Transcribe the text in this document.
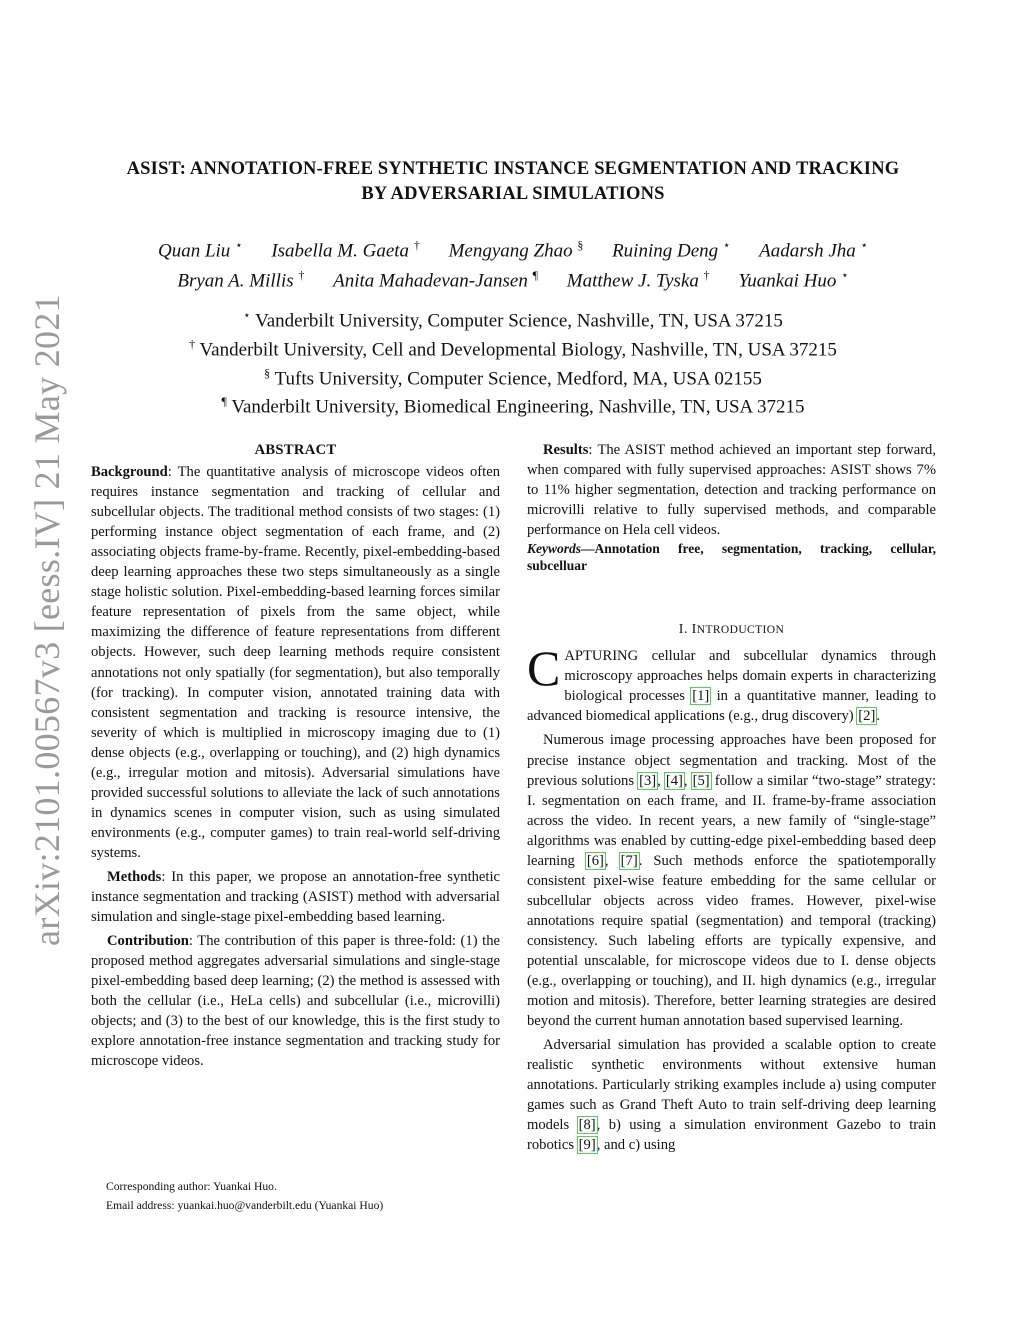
arXiv:2101.00567v3 [eess.IV] 21 May 2021
ASIST: ANNOTATION-FREE SYNTHETIC INSTANCE SEGMENTATION AND TRACKING
BY ADVERSARIAL SIMULATIONS
Quan Liu ⋆ Isabella M. Gaeta † Mengyang Zhao § Ruining Deng ⋆ Aadarsh Jha ⋆
Bryan A. Millis † Anita Mahadevan-Jansen ¶ Matthew J. Tyska † Yuankai Huo ⋆
⋆ Vanderbilt University, Computer Science, Nashville, TN, USA 37215
† Vanderbilt University, Cell and Developmental Biology, Nashville, TN, USA 37215
§ Tufts University, Computer Science, Medford, MA, USA 02155
¶ Vanderbilt University, Biomedical Engineering, Nashville, TN, USA 37215
ABSTRACT

Background: The quantitative analysis of microscope videos often requires instance segmentation and tracking of cellular and subcellular objects. The traditional method consists of two stages: (1) performing instance object segmentation of each frame, and (2) associating objects frame-by-frame. Recently, pixel-embedding-based deep learning approaches these two steps simultaneously as a single stage holistic solution. Pixel-embedding-based learning forces similar feature representation of pixels from the same object, while maximizing the difference of feature representations from different objects. However, such deep learning methods require consistent annotations not only spatially (for segmentation), but also temporally (for tracking). In computer vision, annotated training data with consistent segmentation and tracking is resource intensive, the severity of which is multiplied in microscopy imaging due to (1) dense objects (e.g., overlapping or touching), and (2) high dynamics (e.g., irregular motion and mitosis). Adversarial simulations have provided successful solutions to alleviate the lack of such annotations in dynamics scenes in computer vision, such as using simulated environments (e.g., computer games) to train real-world self-driving systems.

Methods: In this paper, we propose an annotation-free synthetic instance segmentation and tracking (ASIST) method with adversarial simulation and single-stage pixel-embedding based learning.

Contribution: The contribution of this paper is three-fold: (1) the proposed method aggregates adversarial simulations and single-stage pixel-embedding based deep learning; (2) the method is assessed with both the cellular (i.e., HeLa cells) and subcellular (i.e., microvilli) objects; and (3) to the best of our knowledge, this is the first study to explore annotation-free instance segmentation and tracking study for microscope videos.

Corresponding author: Yuankai Huo.
Email address: yuankai.huo@vanderbilt.edu (Yuankai Huo)

Results: The ASIST method achieved an important step forward, when compared with fully supervised approaches: ASIST shows 7% to 11% higher segmentation, detection and tracking performance on microvilli relative to fully supervised methods, and comparable performance on Hela cell videos.

Keywords—Annotation free, segmentation, tracking, cellular, subcelluar

I. INTRODUCTION

CAPTURING cellular and subcellular dynamics through microscopy approaches helps domain experts in characterizing biological processes [1] in a quantitative manner, leading to advanced biomedical applications (e.g., drug discovery) [2].

Numerous image processing approaches have been proposed for precise instance object segmentation and tracking. Most of the previous solutions [3], [4], [5] follow a similar “two-stage” strategy: I. segmentation on each frame, and II. frame-by-frame association across the video. In recent years, a new family of “single-stage” algorithms was enabled by cutting-edge pixel-embedding based deep learning [6], [7]. Such methods enforce the spatiotemporally consistent pixel-wise feature embedding for the same cellular or subcellular objects across video frames. However, pixel-wise annotations require spatial (segmentation) and temporal (tracking) consistency. Such labeling efforts are typically expensive, and potential unscalable, for microscope videos due to I. dense objects (e.g., overlapping or touching), and II. high dynamics (e.g., irregular motion and mitosis). Therefore, better learning strategies are desired beyond the current human annotation based supervised learning.

Adversarial simulation has provided a scalable option to create realistic synthetic environments without extensive human annotations. Particularly striking examples include a) using computer games such as Grand Theft Auto to train self-driving deep learning models [8], b) using a simulation environment Gazebo to train robotics [9], and c) using
